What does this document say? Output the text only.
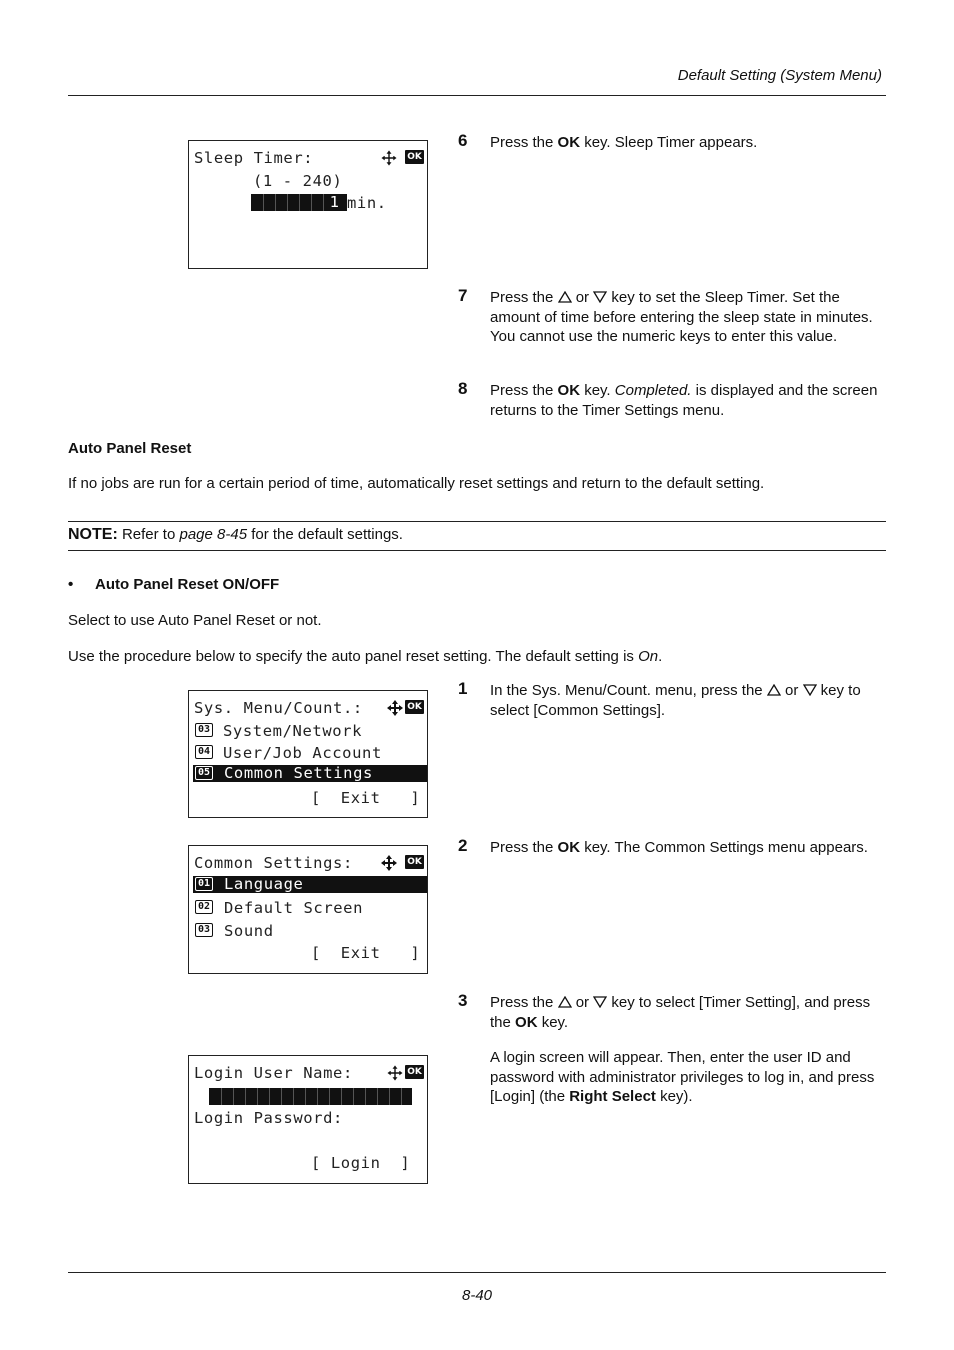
Default Setting (System Menu)
Sleep Timer:	OK
(1 - 240)
1 min.
6	Press the OK key. Sleep Timer appears.
7	Press the
or
key to set the Sleep Timer. Set the amount of time before entering the sleep state in minutes. You cannot use the numeric keys to enter this value.
8	Press the OK key. Completed. is displayed and the screen returns to the Timer Settings menu.
Auto Panel Reset
If no jobs are run for a certain period of time, automatically reset settings and return to the default setting.
NOTE: Refer to page 8-45 for the default settings.
• Auto Panel Reset ON/OFF
Select to use Auto Panel Reset or not.
Use the procedure below to specify the auto panel reset setting. The default setting is On.
Sys. Menu/Count.:	OK
03 System/Network
04 User/Job Account
05 Common Settings
[  Exit   ]
1	In the Sys. Menu/Count. menu, press the
or
key to select [Common Settings].
Common Settings:	OK
01 Language
02 Default Screen
03 Sound
[  Exit   ]
2	Press the OK key. The Common Settings menu appears.
3	Press the
or
key to select [Timer Setting], and press the OK key.
A login screen will appear. Then, enter the user ID and password with administrator privileges to log in, and press [Login] (the Right Select key).
Login User Name:	OK
Login Password:
[ Login  ]
8-40
